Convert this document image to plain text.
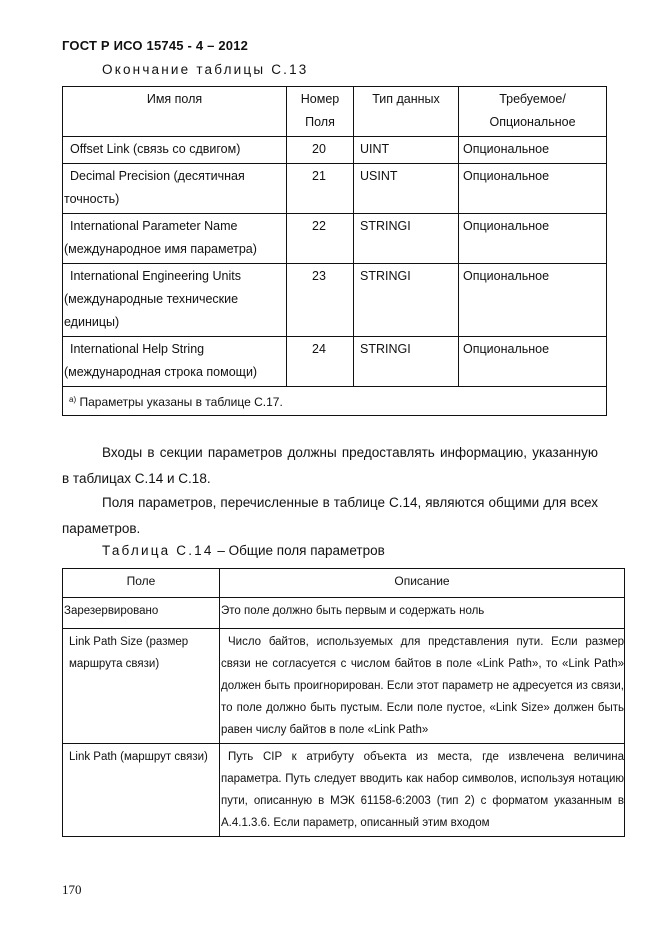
ГОСТ Р ИСО 15745 - 4 – 2012
Окончание таблицы С.13
Имя поля	Номер Поля	Тип данных	Требуемое/ Опциональное
Offset Link (связь со сдвигом)	20	UINT	Опциональное
Decimal Precision (десятичная точность)	21	USINT	Опциональное
International Parameter Name (международное имя параметра)	22	STRINGI	Опциональное
International Engineering Units (международные технические единицы)	23	STRINGI	Опциональное
International Help String (международная строка помощи)	24	STRINGI	Опциональное
$^{a)}$ Параметры указаны в таблице С.17.			
Входы в секции параметров должны предоставлять информацию, указанную в таблицах С.14 и С.18.
Поля параметров, перечисленные в таблице С.14, являются общими для всех параметров.
Таблица С.14 – Общие поля параметров
Поле	Описание
Зарезервировано	Это поле должно быть первым и содержать ноль
Link Path Size (размер маршрута связи)	Число байтов, используемых для представления пути. Если размер связи не согласуется с числом байтов в поле «Link Path», то «Link Path» должен быть проигнорирован. Если этот параметр не адресуется из связи, то поле должно быть пустым. Если поле пустое, «Link Size» должен быть равен числу байтов в поле «Link Path»
Link Path (маршрут связи)	Путь CIP к атрибуту объекта из места, где извлечена величина параметра. Путь следует вводить как набор символов, используя нотацию пути, описанную в МЭК 61158-6:2003 (тип 2) с форматом указанным в А.4.1.3.6. Если параметр, описанный этим входом
170
